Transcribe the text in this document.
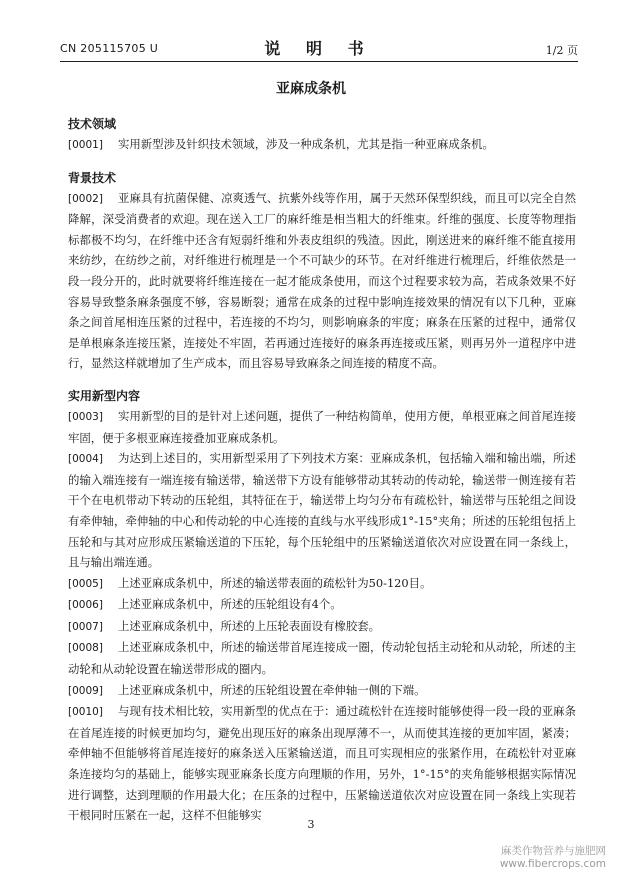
CN 205115705 U	说 明 书	1/2 页
亚麻成条机
技术领域
[0001] 实用新型涉及针织技术领域，涉及一种成条机，尤其是指一种亚麻成条机。
背景技术
[0002] 亚麻具有抗菌保健、凉爽透气、抗紫外线等作用，属于天然环保型织线，而且可以完全自然降解，深受消费者的欢迎。现在送入工厂的麻纤维是相当粗大的纤维束。纤维的强度、长度等物理指标都极不均匀，在纤维中还含有短弱纤维和外表皮组织的残渣。因此，刚送进来的麻纤维不能直接用来纺纱，在纺纱之前，对纤维进行梳理是一个不可缺少的环节。在对纤维进行梳理后，纤维依然是一段一段分开的，此时就要将纤维连接在一起才能成条使用，而这个过程要求较为高，若成条效果不好容易导致整条麻条强度不够，容易断裂；通常在成条的过程中影响连接效果的情况有以下几种，亚麻条之间首尾相连压紧的过程中，若连接的不均匀，则影响麻条的牢度；麻条在压紧的过程中，通常仅是单根麻条连接压紧，连接处不牢固，若再通过连接好的麻条再连接或压紧，则再另外一道程序中进行，显然这样就增加了生产成本，而且容易导致麻条之间连接的精度不高。
实用新型内容
[0003] 实用新型的目的是针对上述问题，提供了一种结构简单，使用方便，单根亚麻之间首尾连接牢固，便于多根亚麻连接叠加亚麻成条机。
[0004] 为达到上述目的，实用新型采用了下列技术方案：亚麻成条机，包括输入端和输出端，所述的输入端连接有一端连接有输送带，输送带下方设有能够带动其转动的传动轮，输送带一侧连接有若干个在电机带动下转动的压轮组，其特征在于，输送带上均匀分布有疏松针，输送带与压轮组之间设有牵伸轴，牵伸轴的中心和传动轮的中心连接的直线与水平线形成1°-15°夹角；所述的压轮组包括上压轮和与其对应形成压紧输送道的下压轮，每个压轮组中的压紧输送道依次对应设置在同一条线上，且与输出端连通。
[0005] 上述亚麻成条机中，所述的输送带表面的疏松针为50-120目。
[0006] 上述亚麻成条机中，所述的压轮组设有4个。
[0007] 上述亚麻成条机中，所述的上压轮表面设有橡胶套。
[0008] 上述亚麻成条机中，所述的输送带首尾连接成一圈，传动轮包括主动轮和从动轮，所述的主动轮和从动轮设置在输送带形成的圈内。
[0009] 上述亚麻成条机中，所述的压轮组设置在牵伸轴一侧的下端。
[0010] 与现有技术相比较，实用新型的优点在于：通过疏松针在连接时能够使得一段一段的亚麻条在首尾连接的时候更加均匀，避免出现压好的麻条出现厚薄不一，从而使其连接的更加牢固，紧凑；牵伸轴不但能够将首尾连接好的麻条送入压紧输送道，而且可实现相应的张紧作用，在疏松针对亚麻条连接均匀的基础上，能够实现亚麻条长度方向理顺的作用，另外，1°-15°的夹角能够根据实际情况进行调整，达到理顺的作用最大化；在压条的过程中，压紧输送道依次对应设置在同一条线上实现若干根同时压紧在一起，这样不但能够实
3
麻类作物营养与施肥网
www.fibercrops.com
